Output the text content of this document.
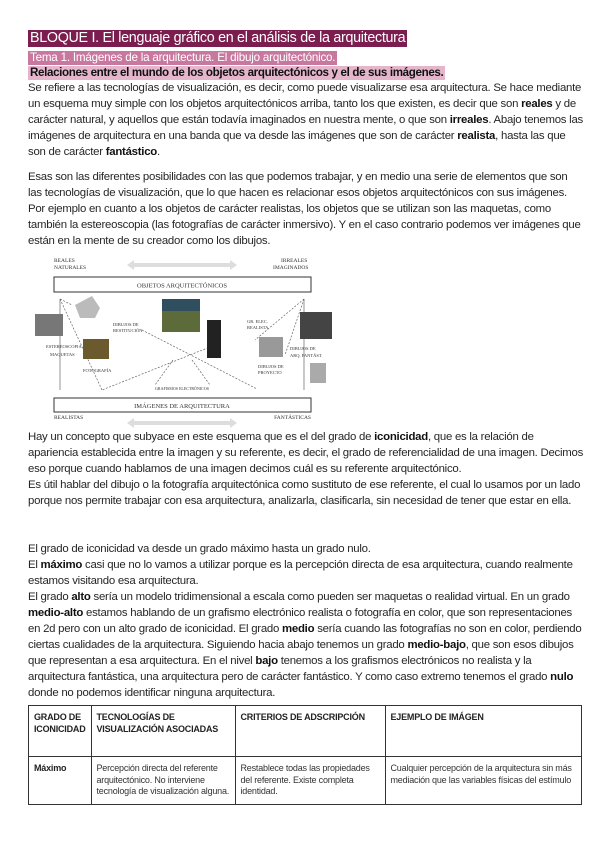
BLOQUE I. El lenguaje gráfico en el análisis de la arquitectura
Tema 1. Imágenes de la arquitectura. El dibujo arquitectónico.
Relaciones entre el mundo de los objetos arquitectónicos y el de sus imágenes.
Se refiere a las tecnologías de visualización, es decir, como puede visualizarse esa arquitectura. Se hace mediante un esquema muy simple con los objetos arquitectónicos arriba, tanto los que existen, es decir que son reales y de carácter natural, y aquellos que están todavía imaginados en nuestra mente, o que son irreales. Abajo tenemos las imágenes de arquitectura en una banda que va desde las imágenes que son de carácter realista, hasta las que son de carácter fantástico.
Esas son las diferentes posibilidades con las que podemos trabajar, y en medio una serie de elementos que son las tecnologías de visualización, que lo que hacen es relacionar esos objetos arquitectónicos con sus imágenes. Por ejemplo en cuanto a los objetos de carácter realistas, los objetos que se utilizan son las maquetas, como también la estereoscopia (las fotografías de carácter inmersivo). Y en el caso contrario podemos ver imágenes que están en la mente de su creador como los dibujos.
REALES
NATURALES
IRREALES
IMAGINADOS
OBJETOS ARQUITECTÓNICOS
IMÁGENES DE ARQUITECTURA
REALISTAS	FANTÁSTICAS
DIBUJOS DE
RESTITUCIÓN
ESTEREOSCOPIA
MAQUETAS
FOTOGRAFÍA
GR. ELEC.
REALISTA
DIBUJOS DE
PROYECTO
DIBUJOS DE
ARQ. FANTÁST.
GRAFISMOS ELECTRÓNICOS
Hay un concepto que subyace en este esquema que es el del grado de iconicidad, que es la relación de apariencia establecida entre la imagen y su referente, es decir, el grado de referencialidad de una imagen. Decimos eso porque cuando hablamos de una imagen decimos cuál es su referente arquitectónico.
Es útil hablar del dibujo o la fotografía arquitectónica como sustituto de ese referente, el cual lo usamos por un lado porque nos permite trabajar con esa arquitectura, analizarla, clasificarla, sin necesidad de tener que estar en ella.
El grado de iconicidad va desde un grado máximo hasta un grado nulo.
El máximo casi que no lo vamos a utilizar porque es la percepción directa de esa arquitectura, cuando realmente estamos visitando esa arquitectura.
El grado alto sería un modelo tridimensional a escala como pueden ser maquetas o realidad virtual. En un grado medio-alto estamos hablando de un grafismo electrónico realista o fotografía en color, que son representaciones en 2d pero con un alto grado de iconicidad. El grado medio sería cuando las fotografías no son en color, perdiendo ciertas cualidades de la arquitectura. Siguiendo hacia abajo tenemos un grado medio-bajo, que son esos dibujos que representan a esa arquitectura. En el nivel bajo tenemos a los grafismos electrónicos no realista y la arquitectura fantástica, una arquitectura pero de carácter fantástico. Y como caso extremo tenemos el grado nulo donde no podemos identificar ninguna arquitectura.
GRADO DE ICONICIDAD	TECNOLOGÍAS DE VISUALIZACIÓN ASOCIADAS	CRITERIOS DE ADSCRIPCIÓN	EJEMPLO DE IMÁGEN
Máximo	Percepción directa del referente arquitectónico. No interviene tecnología de visualización alguna.	Restablece todas las propiedades del referente. Existe completa identidad.	Cualquier percepción de la arquitectura sin más mediación que las variables físicas del estímulo
